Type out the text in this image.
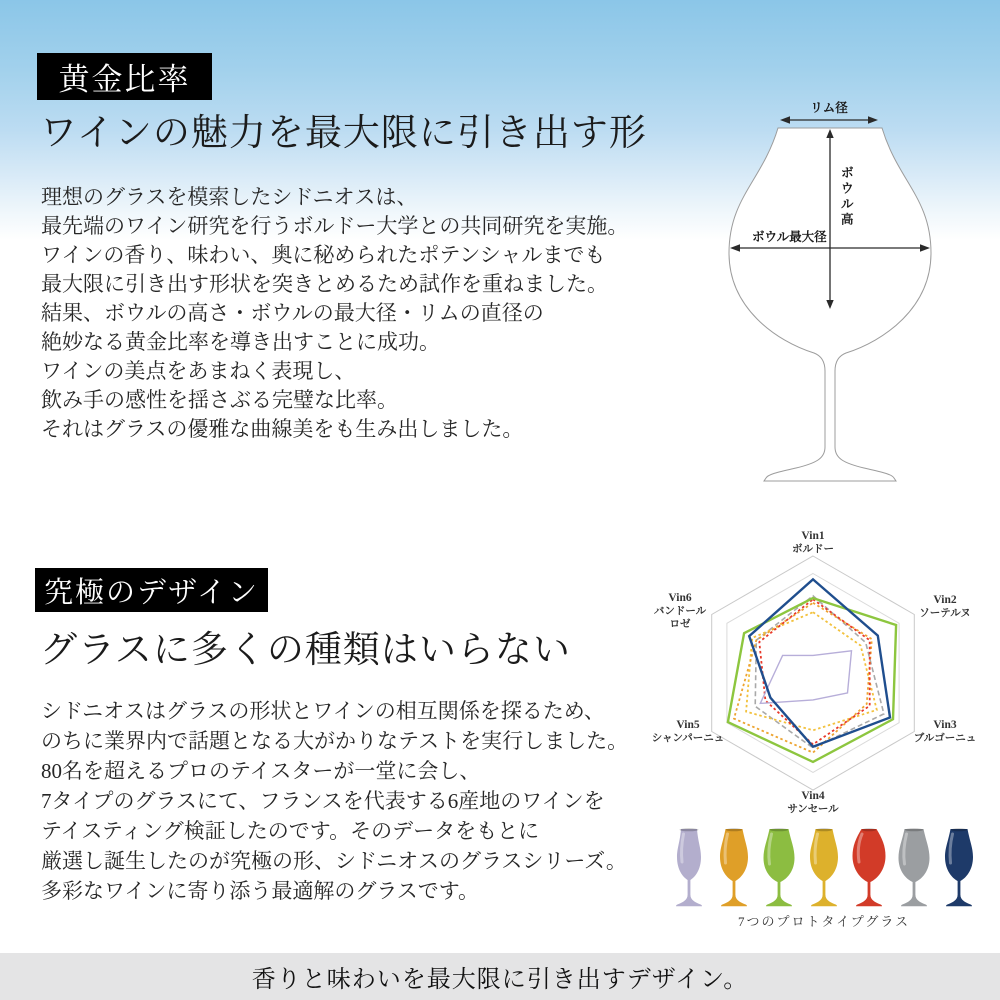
黄金比率
ワインの魅力を最大限に引き出す形
理想のグラスを模索したシドニオスは、
最先端のワイン研究を行うボルドー大学との共同研究を実施。
ワインの香り、味わい、奥に秘められたポテンシャルまでも
最大限に引き出す形状を突きとめるため試作を重ねました。
結果、ボウルの高さ・ボウルの最大径・リムの直径の
絶妙なる黄金比率を導き出すことに成功。
ワインの美点をあまねく表現し、
飲み手の感性を揺さぶる完璧な比率。
それはグラスの優雅な曲線美をも生み出しました。
リム径
ボ
ウ
ル
高
ボウル最大径
究極のデザイン
グラスに多くの種類はいらない
シドニオスはグラスの形状とワインの相互関係を探るため、
のちに業界内で話題となる大がかりなテストを実行しました。
80名を超えるプロのテイスターが一堂に会し、
7タイプのグラスにて、フランスを代表する6産地のワインを
テイスティング検証したのです。そのデータをもとに
厳選し誕生したのが究極の形、シドニオスのグラスシリーズ。
多彩なワインに寄り添う最適解のグラスです。
Vin1
ボルドー
Vin2
ソーテルヌ
Vin3
ブルゴーニュ
Vin4
サンセール
Vin5
シャンパーニュ
Vin6
バンドール
ロゼ
7つのプロトタイプグラス
香りと味わいを最大限に引き出すデザイン。
